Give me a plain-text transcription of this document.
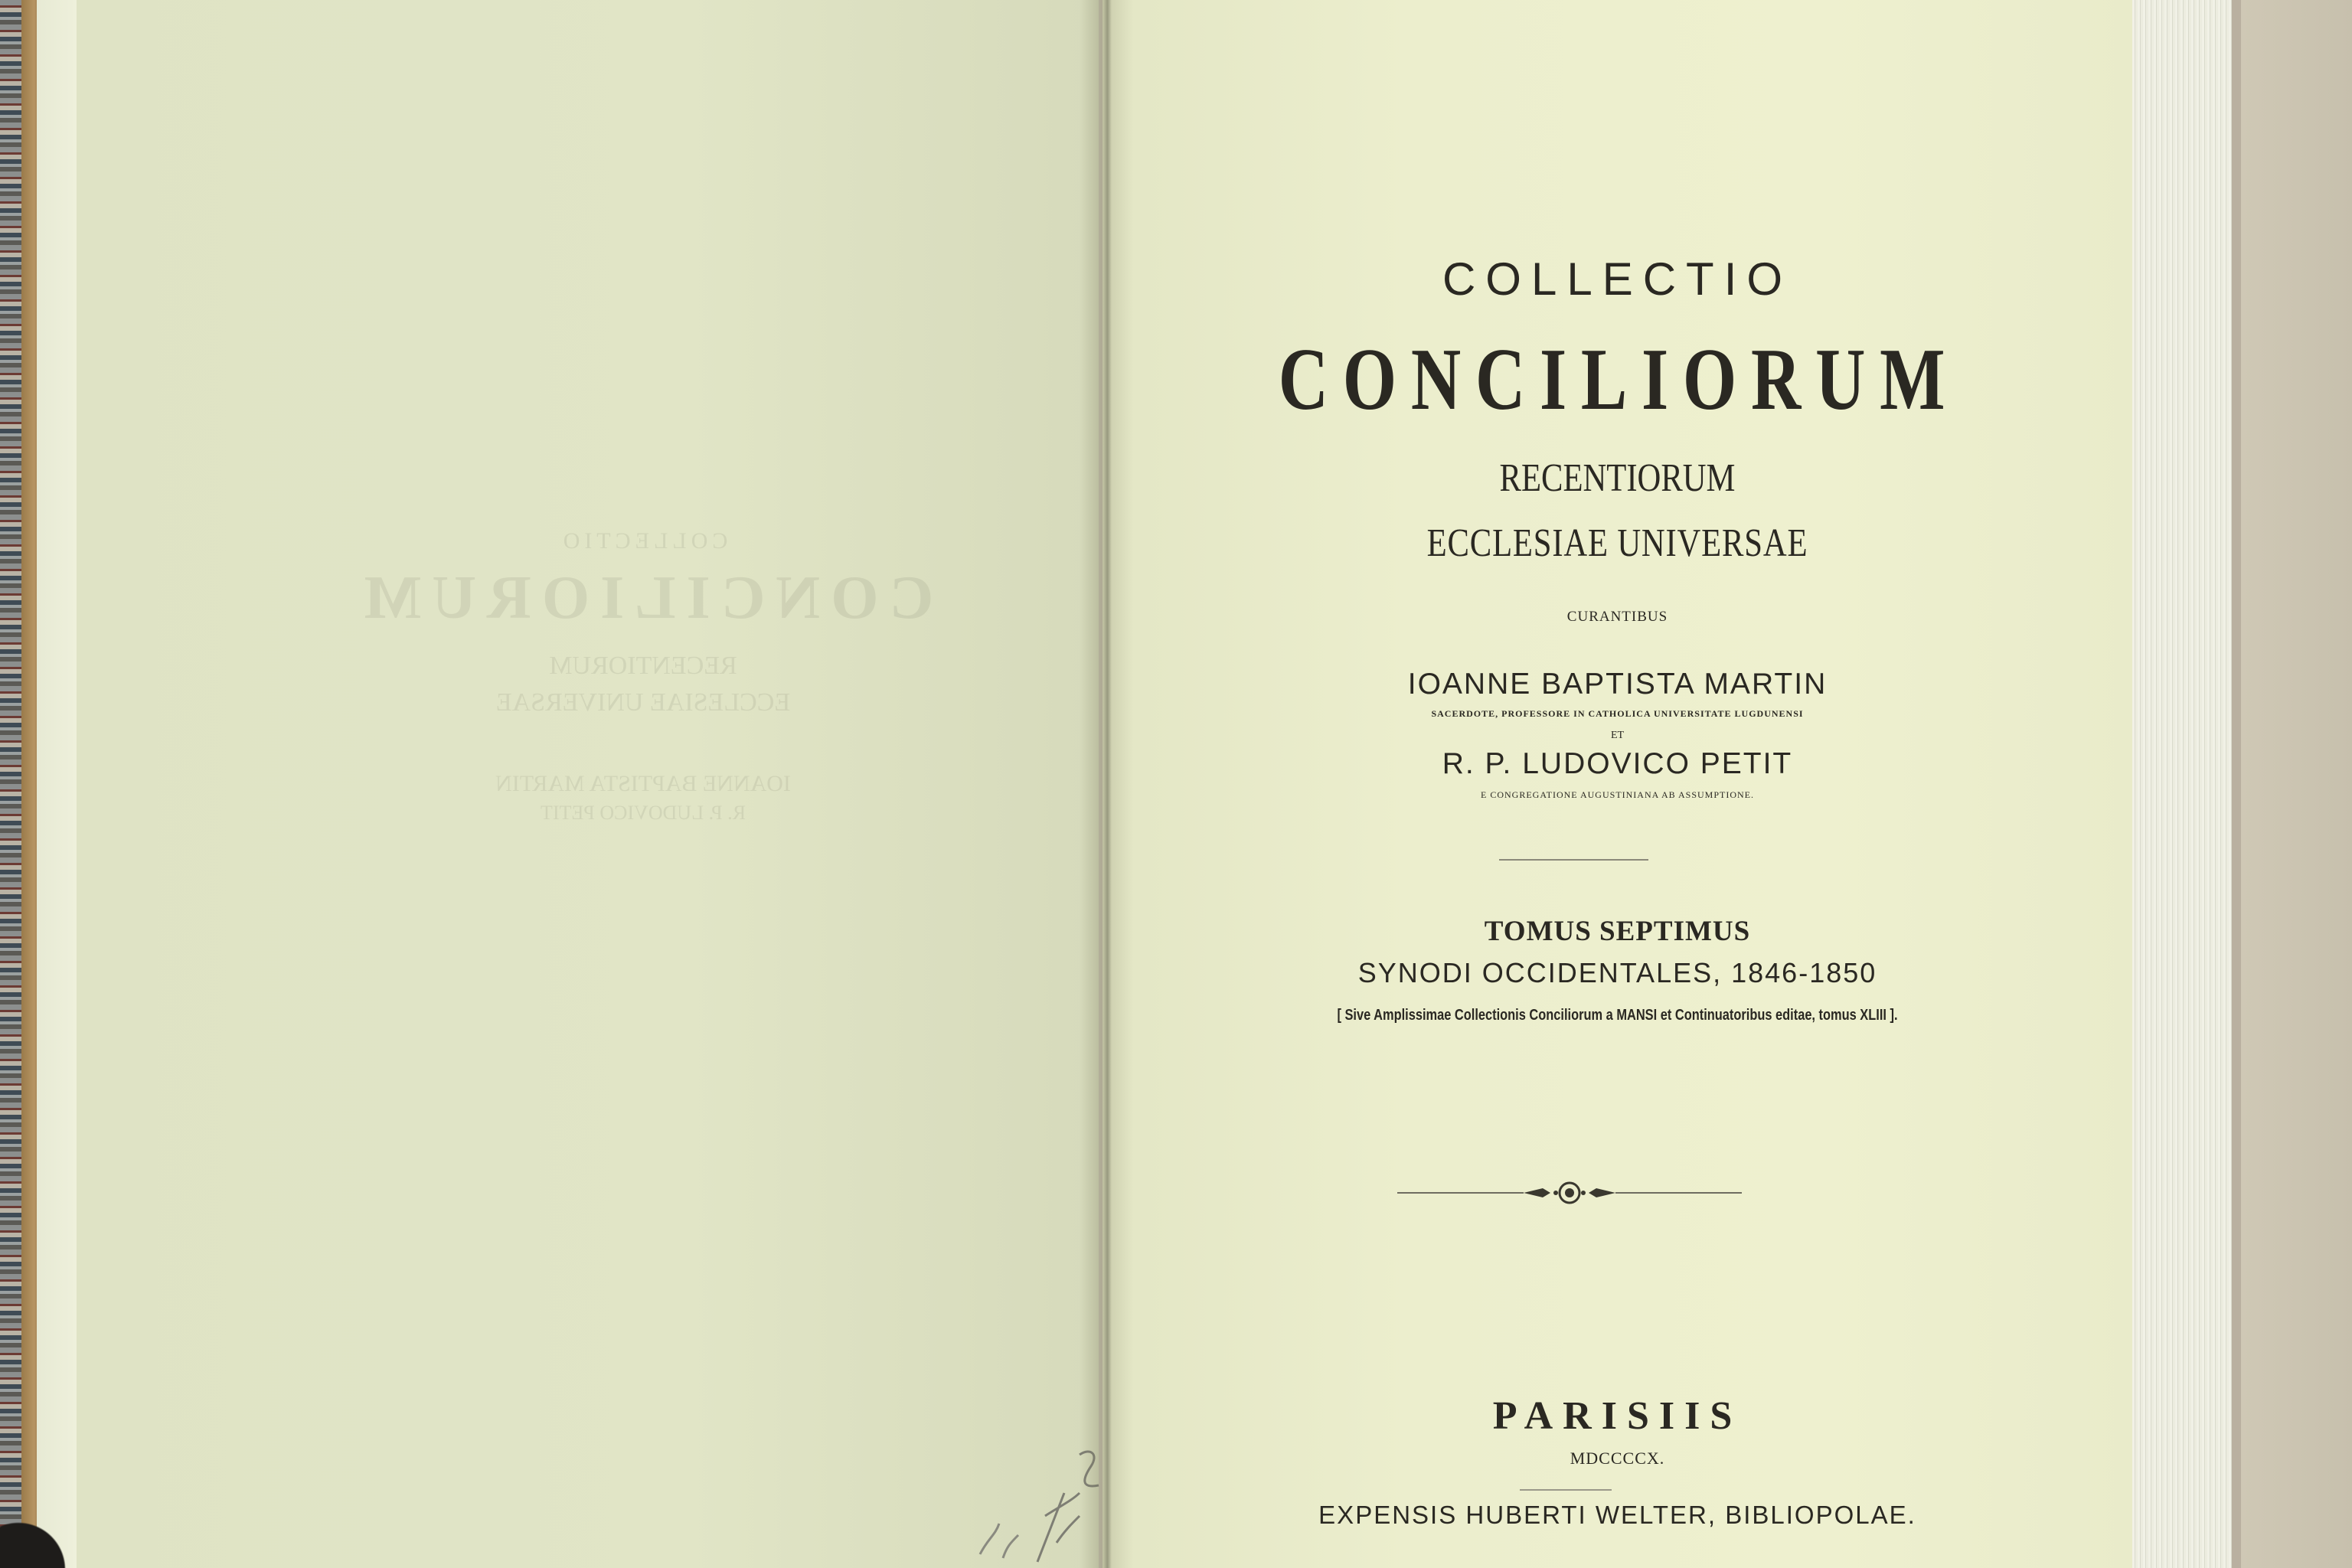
COLLECTIO
CONCILIORUM
RECENTIORUM
ECCLESIAE UNIVERSAE
CURANTIBUS
IOANNE BAPTISTA MARTIN
SACERDOTE, PROFESSORE IN CATHOLICA UNIVERSITATE LUGDUNENSI
ET
R. P. LUDOVICO PETIT
E CONGREGATIONE AUGUSTINIANA AB ASSUMPTIONE.
TOMUS SEPTIMUS
SYNODI OCCIDENTALES, 1846-1850
[ Sive Amplissimae Collectionis Conciliorum a MANSI et Continuatoribus editae, tomus XLIII ].
PARISIIS
MDCCCCX.
EXPENSIS HUBERTI WELTER, BIBLIOPOLAE.
